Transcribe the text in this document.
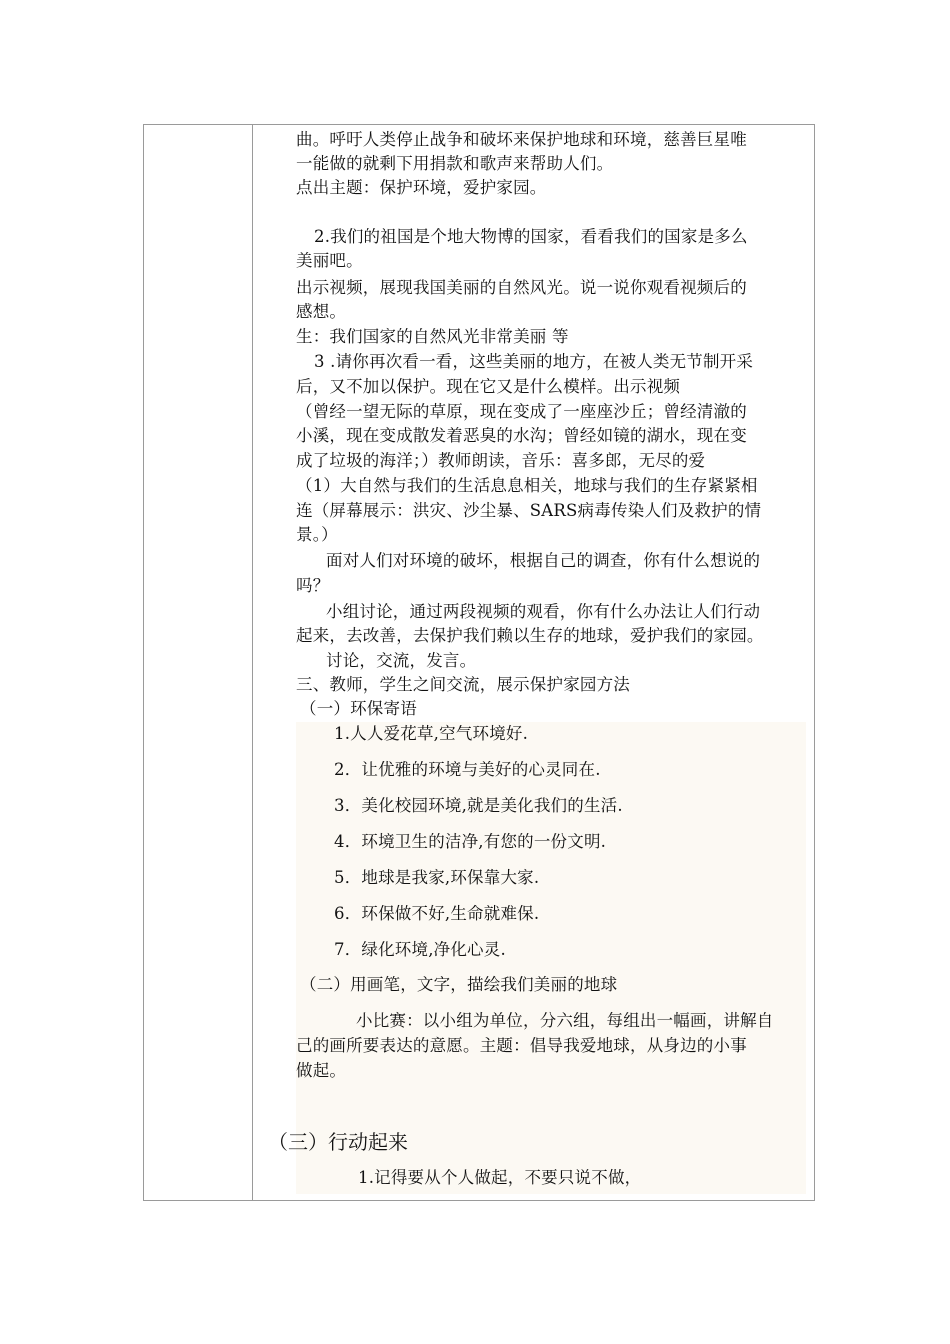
曲。呼吁人类停止战争和破坏来保护地球和环境，慈善巨星唯
一能做的就剩下用捐款和歌声来帮助人们。
点出主题：保护环境，爱护家园。
2.我们的祖国是个地大物博的国家，看看我们的国家是多么
美丽吧。
出示视频，展现我国美丽的自然风光。说一说你观看视频后的
感想。
生：我们国家的自然风光非常美丽 等
3 .请你再次看一看，这些美丽的地方，在被人类无节制开采
后，又不加以保护。现在它又是什么模样。出示视频
（曾经一望无际的草原，现在变成了一座座沙丘；曾经清澈的
小溪，现在变成散发着恶臭的水沟；曾经如镜的湖水，现在变
成了垃圾的海洋；）教师朗读，音乐：喜多郎，无尽的爱
（1）大自然与我们的生活息息相关，地球与我们的生存紧紧相
连（屏幕展示：洪灾、沙尘暴、SARS病毒传染人们及救护的情
景。）
面对人们对环境的破坏，根据自己的调查，你有什么想说的
吗？
小组讨论，通过两段视频的观看，你有什么办法让人们行动
起来，去改善，去保护我们赖以生存的地球，爱护我们的家园。
讨论，交流，发言。
三、教师，学生之间交流，展示保护家园方法
（一）环保寄语
1.人人爱花草,空气环境好.
2．让优雅的环境与美好的心灵同在.
3．美化校园环境,就是美化我们的生活.
4．环境卫生的洁净,有您的一份文明.
5．地球是我家,环保靠大家.
6．环保做不好,生命就难保.
7．绿化环境,净化心灵.
（二）用画笔，文字，描绘我们美丽的地球
小比赛：以小组为单位，分六组，每组出一幅画，讲解自
己的画所要表达的意愿。主题：倡导我爱地球，从身边的小事
做起。
（三）行动起来
1.记得要从个人做起，不要只说不做，
